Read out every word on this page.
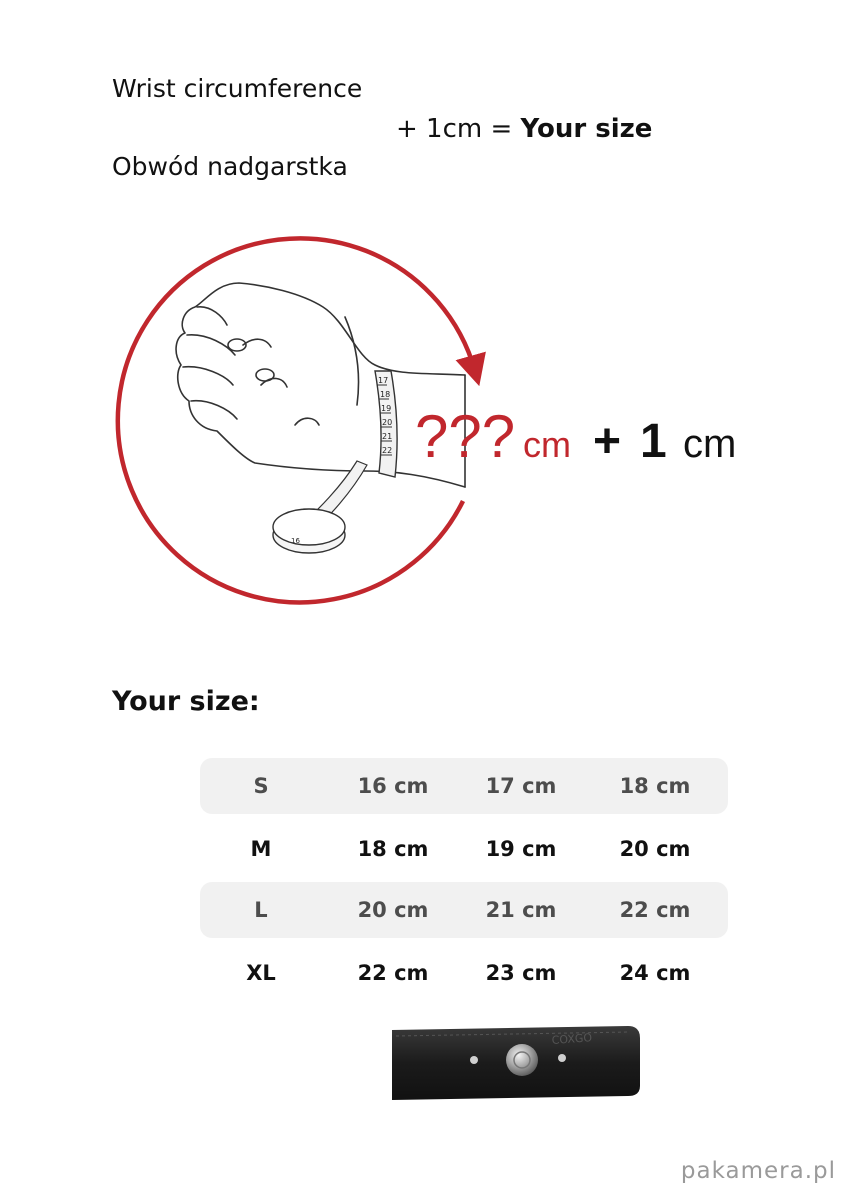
Wrist circumference
+ 1cm = Your size
Obwód nadgarstka
17
18
19
20
21
22
16
??? cm + 1 cm
Your size:
S	16 cm	17 cm	18 cm
M	18 cm	19 cm	20 cm
L	20 cm	21 cm	22 cm
XL	22 cm	23 cm	24 cm
COXGO
pakamera.pl
